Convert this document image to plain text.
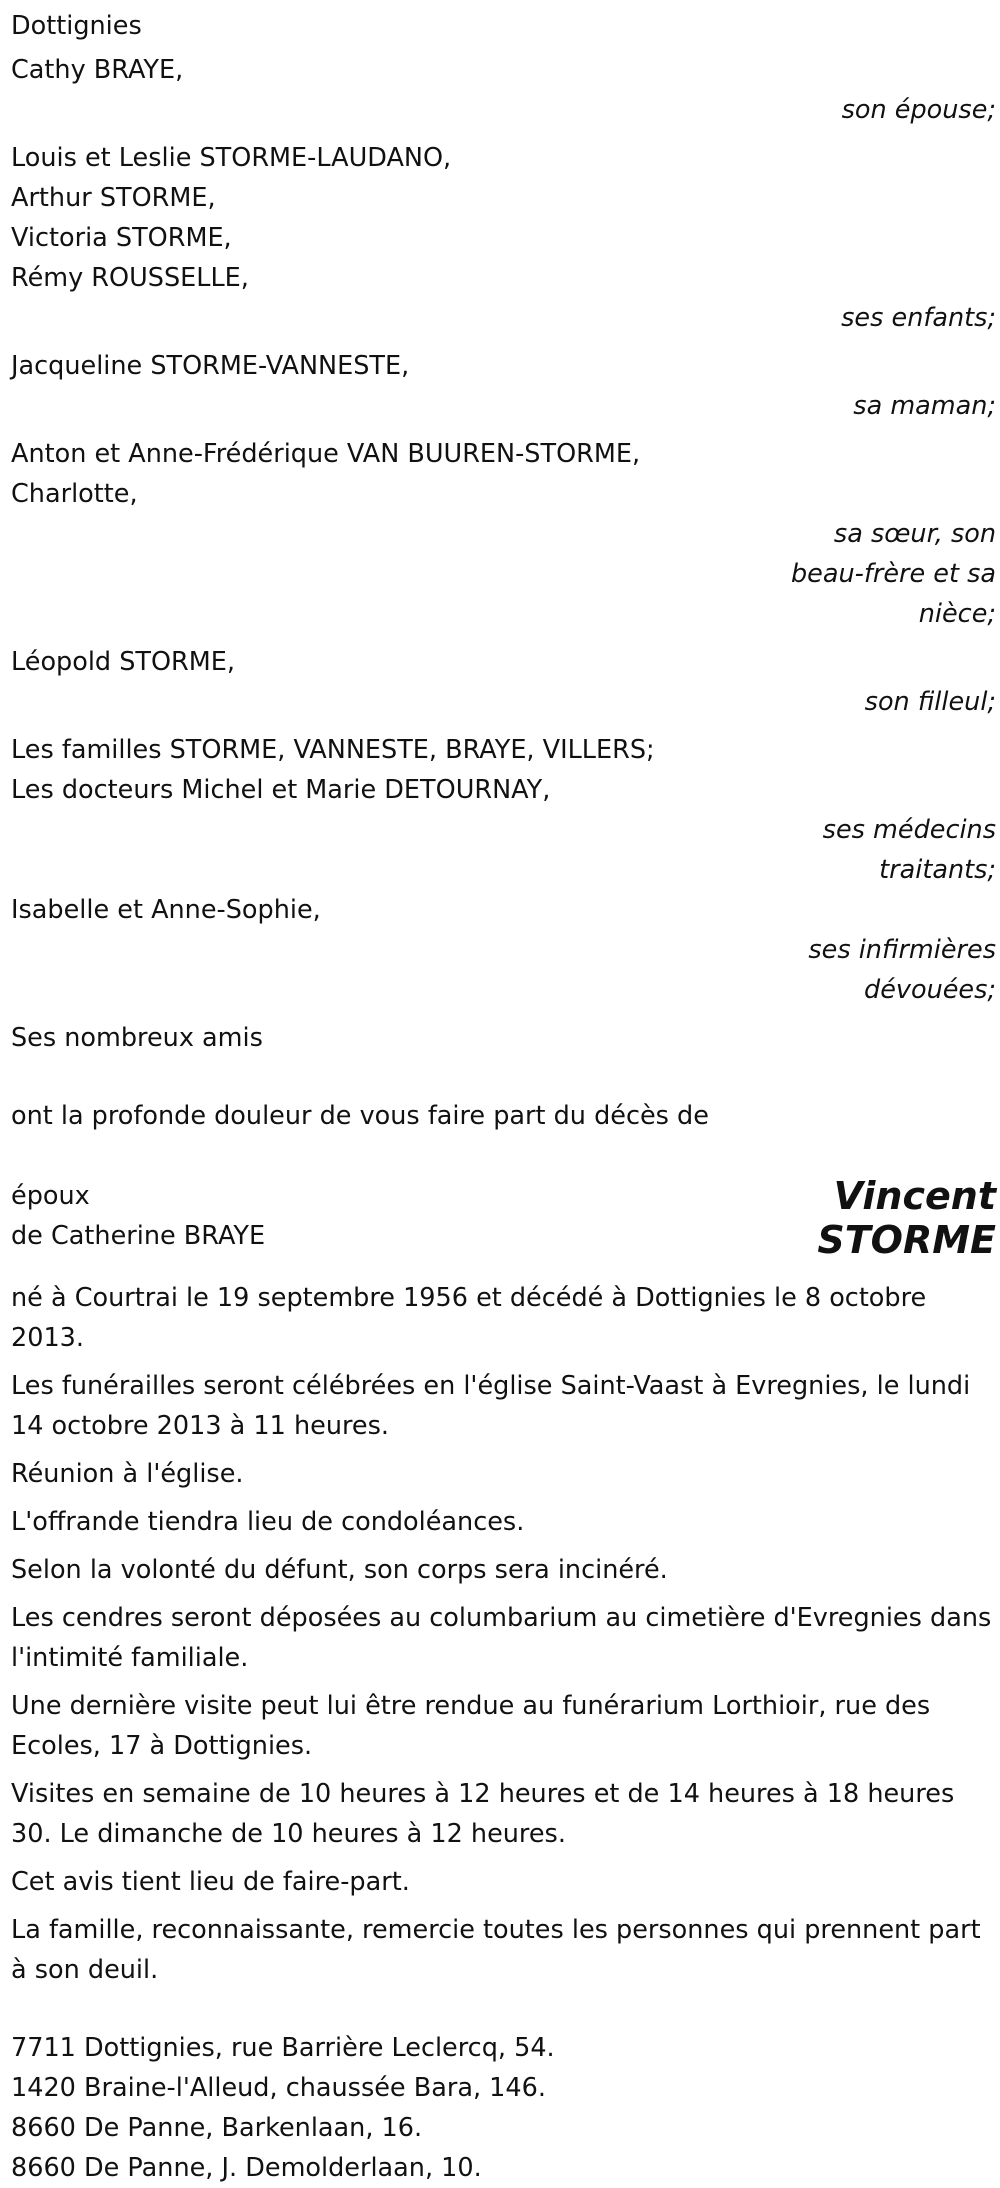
Dottignies
Cathy BRAYE,
son épouse;
Louis et Leslie STORME-LAUDANO,
Arthur STORME,
Victoria STORME,
Rémy ROUSSELLE,
ses enfants;
Jacqueline STORME-VANNESTE,
sa maman;
Anton et Anne-Frédérique VAN BUUREN-STORME,
Charlotte,
sa sœur, son
beau-frère et sa
nièce;
Léopold STORME,
son filleul;
Les familles STORME, VANNESTE, BRAYE, VILLERS;
Les docteurs Michel et Marie DETOURNAY,
ses médecins
traitants;
Isabelle et Anne-Sophie,
ses infirmières
dévouées;
Ses nombreux amis
ont la profonde douleur de vous faire part du décès de
époux
de Catherine BRAYE
Vincent
STORME
né à Courtrai le 19 septembre 1956 et décédé à Dottignies le 8 octobre 2013.
Les funérailles seront célébrées en l'église Saint-Vaast à Evregnies, le lundi 14 octobre 2013 à 11 heures.
Réunion à l'église.
L'offrande tiendra lieu de condoléances.
Selon la volonté du défunt, son corps sera incinéré.
Les cendres seront déposées au columbarium au cimetière d'Evregnies dans l'intimité familiale.
Une dernière visite peut lui être rendue au funérarium Lorthioir, rue des Ecoles, 17 à Dottignies.
Visites en semaine de 10 heures à 12 heures et de 14 heures à 18 heures 30. Le dimanche de 10 heures à 12 heures.
Cet avis tient lieu de faire-part.
La famille, reconnaissante, remercie toutes les personnes qui prennent part à son deuil.
7711 Dottignies, rue Barrière Leclercq, 54.
1420 Braine-l'Alleud, chaussée Bara, 146.
8660 De Panne, Barkenlaan, 16.
8660 De Panne, J. Demolderlaan, 10.
